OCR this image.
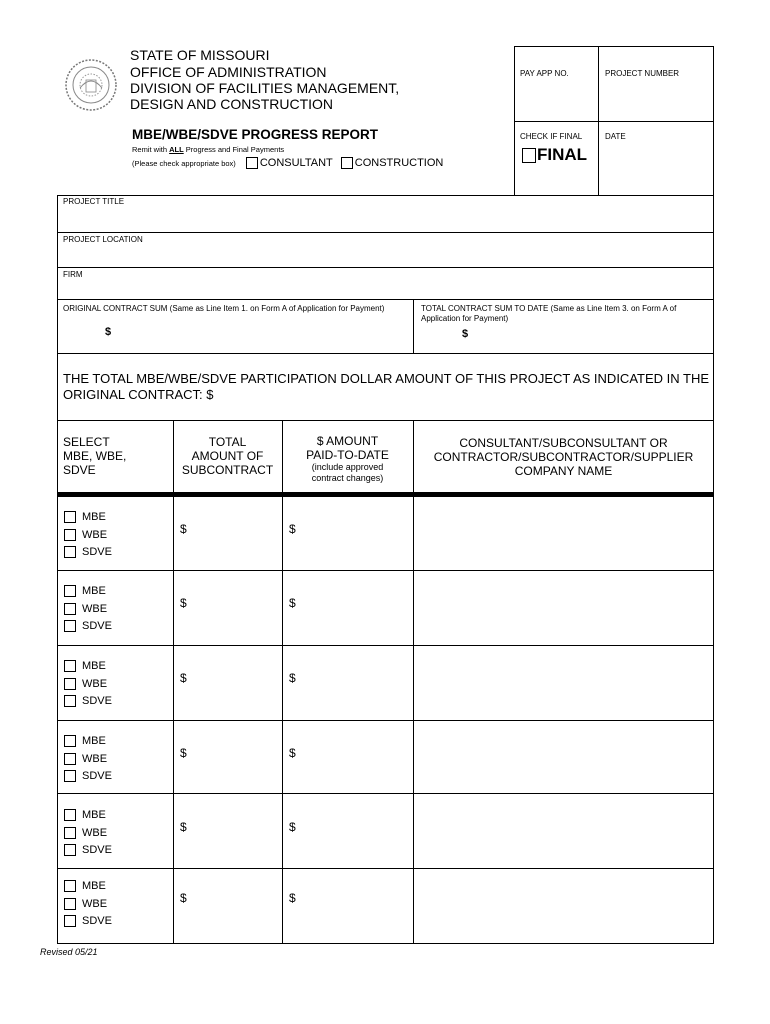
STATE OF MISSOURI
OFFICE OF ADMINISTRATION
DIVISION OF FACILITIES MANAGEMENT,
DESIGN AND CONSTRUCTION
MBE/WBE/SDVE PROGRESS REPORT
Remit with ALL Progress and Final Payments
(Please check appropriate box) CONSULTANT CONSTRUCTION
PAY APP NO.	PROJECT NUMBER
CHECK IF FINAL
FINAL
DATE
PROJECT TITLE
PROJECT LOCATION
FIRM
ORIGINAL CONTRACT SUM (Same as Line Item 1. on Form A of Application for Payment)
$
TOTAL CONTRACT SUM TO DATE (Same as Line Item 3. on Form A of Application for Payment)
$
THE TOTAL MBE/WBE/SDVE PARTICIPATION DOLLAR AMOUNT OF THIS PROJECT AS INDICATED IN THE
ORIGINAL CONTRACT: $
SELECT
MBE, WBE,
SDVE
TOTAL
AMOUNT OF
SUBCONTRACT
$ AMOUNT
PAID-TO-DATE
(include approved
contract changes)
CONSULTANT/SUBCONSULTANT OR
CONTRACTOR/SUBCONTRACTOR/SUPPLIER
COMPANY NAME
MBE
WBE
SDVE
$	$
MBE
WBE
SDVE
$	$
MBE
WBE
SDVE
$	$
MBE
WBE
SDVE
$	$
MBE
WBE
SDVE
$	$
MBE
WBE
SDVE
$	$
Revised 05/21
